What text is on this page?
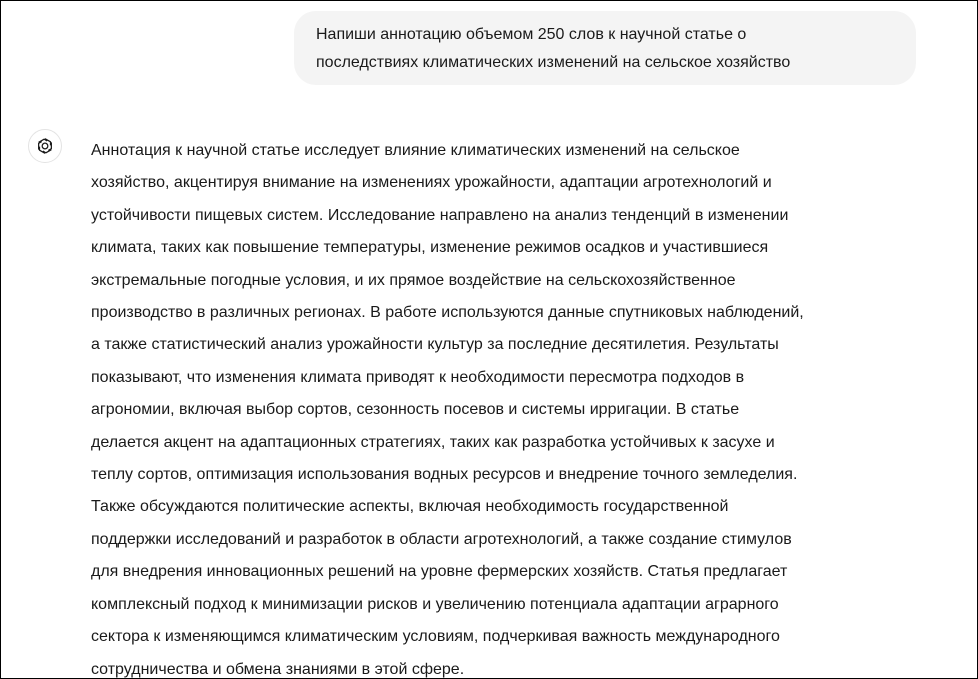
Напиши аннотацию объемом 250 слов к научной статье о
последствиях климатических изменений на сельское хозяйство
Аннотация к научной статье исследует влияние климатических изменений на сельское
хозяйство, акцентируя внимание на изменениях урожайности, адаптации агротехнологий и
устойчивости пищевых систем. Исследование направлено на анализ тенденций в изменении
климата, таких как повышение температуры, изменение режимов осадков и участившиеся
экстремальные погодные условия, и их прямое воздействие на сельскохозяйственное
производство в различных регионах. В работе используются данные спутниковых наблюдений,
а также статистический анализ урожайности культур за последние десятилетия. Результаты
показывают, что изменения климата приводят к необходимости пересмотра подходов в
агрономии, включая выбор сортов, сезонность посевов и системы ирригации. В статье
делается акцент на адаптационных стратегиях, таких как разработка устойчивых к засухе и
теплу сортов, оптимизация использования водных ресурсов и внедрение точного земледелия.
Также обсуждаются политические аспекты, включая необходимость государственной
поддержки исследований и разработок в области агротехнологий, а также создание стимулов
для внедрения инновационных решений на уровне фермерских хозяйств. Статья предлагает
комплексный подход к минимизации рисков и увеличению потенциала адаптации аграрного
сектора к изменяющимся климатическим условиям, подчеркивая важность международного
сотрудничества и обмена знаниями в этой сфере.
